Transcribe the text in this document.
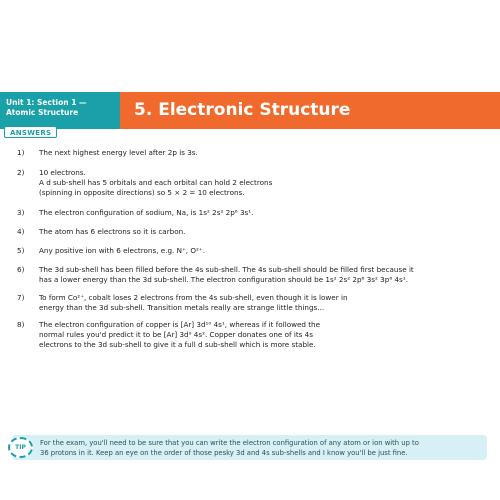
Unit 1: Section 1 —
Atomic Structure	5. Electronic Structure
ANSWERS
1)	The next highest energy level after 2p is 3s.
2)	10 electrons.
A d sub-shell has 5 orbitals and each orbital can hold 2 electrons
(spinning in opposite directions) so 5 × 2 = 10 electrons.
3)	The electron configuration of sodium, Na, is 1s² 2s² 2p⁶ 3s¹.
4)	The atom has 6 electrons so it is carbon.
5)	Any positive ion with 6 electrons, e.g. N⁺, O²⁺.
6)	The 3d sub-shell has been filled before the 4s sub-shell. The 4s sub-shell should be filled first because it
has a lower energy than the 3d sub-shell. The electron configuration should be 1s² 2s² 2p⁶ 3s² 3p⁶ 4s¹.
7)	To form Co²⁺, cobalt loses 2 electrons from the 4s sub-shell, even though it is lower in
energy than the 3d sub-shell. Transition metals really are strange little things...
8)	The electron configuration of copper is [Ar] 3d¹⁰ 4s¹, whereas if it followed the
normal rules you'd predict it to be [Ar] 3d⁹ 4s². Copper donates one of its 4s
electrons to the 3d sub-shell to give it a full d sub-shell which is more stable.
TIP For the exam, you'll need to be sure that you can write the electron configuration of any atom or ion with up to
36 protons in it. Keep an eye on the order of those pesky 3d and 4s sub-shells and I know you'll be just fine.
